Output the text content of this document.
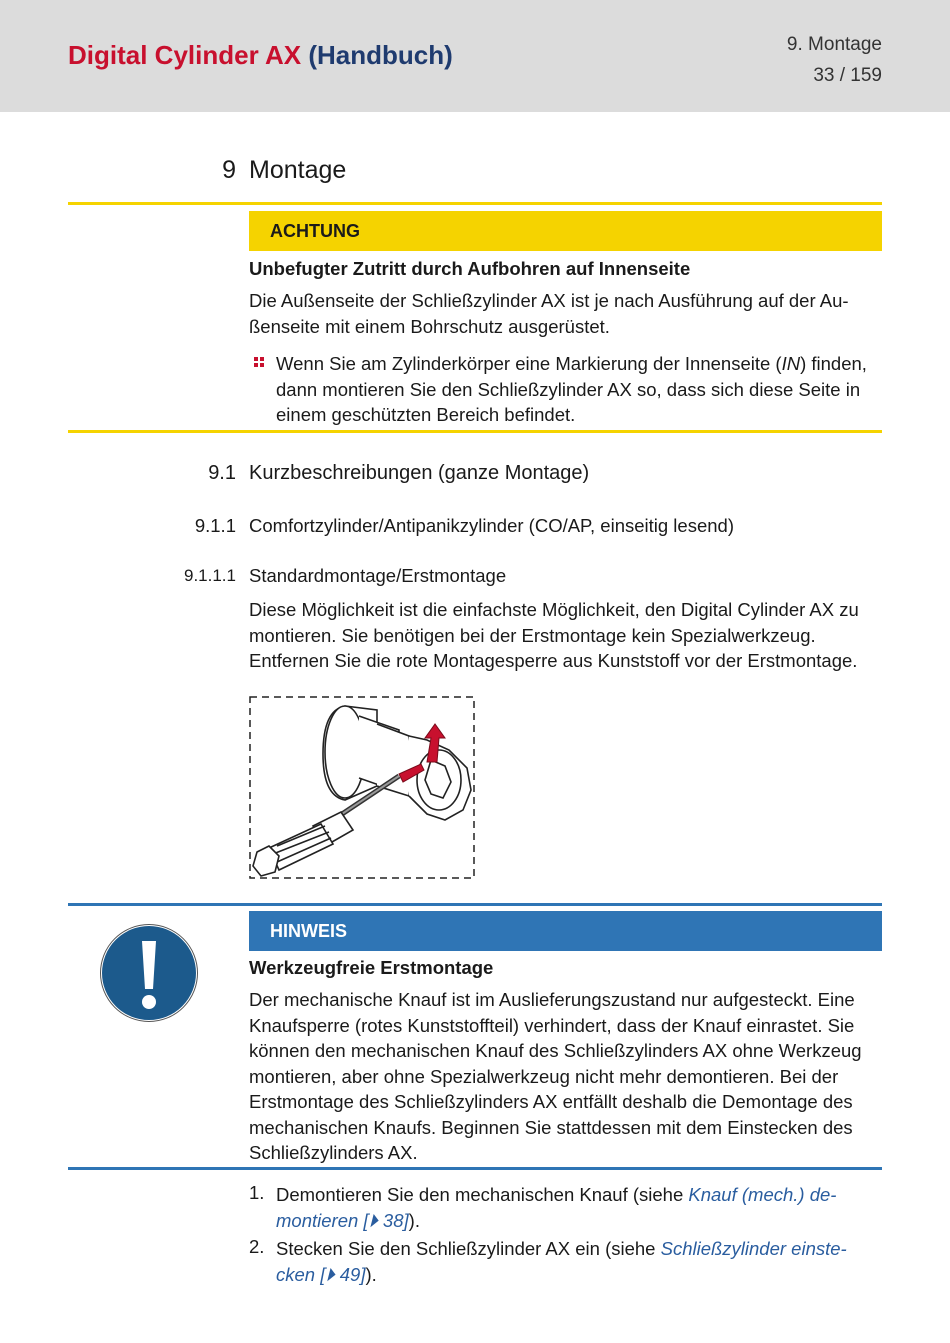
Digital Cylinder AX (Handbuch)	9. Montage
33 / 159
9 Montage
ACHTUNG
Unbefugter Zutritt durch Aufbohren auf Innenseite
Die Außenseite der Schließzylinder AX ist je nach Ausführung auf der Au-ßenseite mit einem Bohrschutz ausgerüstet.
Wenn Sie am Zylinderkörper eine Markierung der Innenseite (IN) finden, dann montieren Sie den Schließzylinder AX so, dass sich diese Seite in einem geschützten Bereich befindet.
9.1 Kurzbeschreibungen (ganze Montage)
9.1.1 Comfortzylinder/Antipanikzylinder (CO/AP, einseitig lesend)
9.1.1.1 Standardmontage/Erstmontage
Diese Möglichkeit ist die einfachste Möglichkeit, den Digital Cylinder AX zu montieren. Sie benötigen bei der Erstmontage kein Spezialwerkzeug. Entfernen Sie die rote Montagesperre aus Kunststoff vor der Erstmontage.
HINWEIS
Werkzeugfreie Erstmontage
Der mechanische Knauf ist im Auslieferungszustand nur aufgesteckt. Eine Knaufsperre (rotes Kunststoffteil) verhindert, dass der Knauf einrastet. Sie können den mechanischen Knauf des Schließzylinders AX ohne Werkzeug montieren, aber ohne Spezialwerkzeug nicht mehr demontieren. Bei der Erstmontage des Schließzylinders AX entfällt deshalb die Demontage des mechanischen Knaufs. Beginnen Sie stattdessen mit dem Einstecken des Schließzylinders AX.
1. Demontieren Sie den mechanischen Knauf (siehe Knauf (mech.) de-montieren [⏵ 38]).
2. Stecken Sie den Schließzylinder AX ein (siehe Schließzylinder einste-cken [⏵ 49]).
